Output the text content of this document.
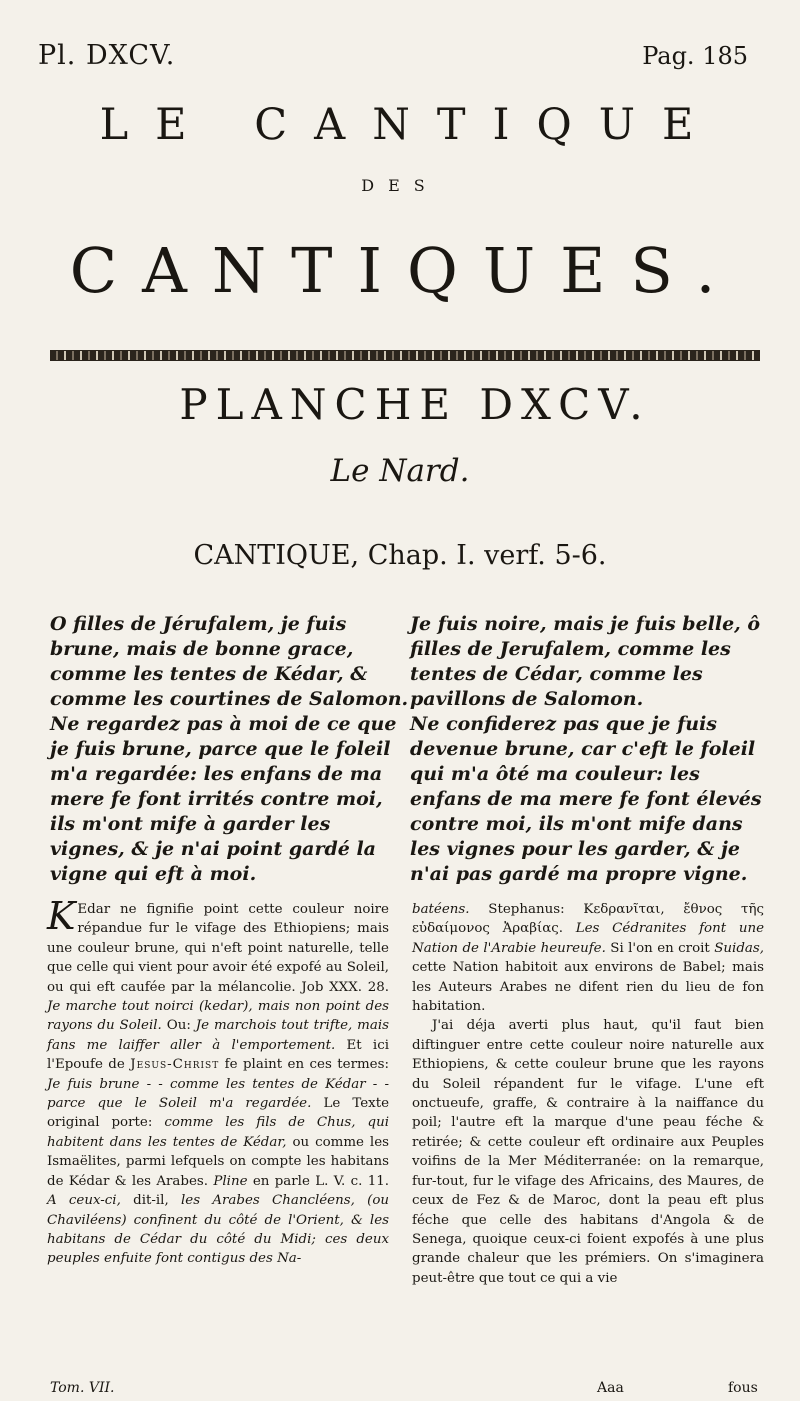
Pl. DXCV.	Pag. 185
LE CANTIQUE
DES
CANTIQUES.
PLANCHE DXCV.
Le Nard.
CANTIQUE, Chap. I. verf. 5-6.

O filles de Jérufalem, je fuis brune, mais de bonne grace, comme les tentes de Kédar, & comme les courtines de Salomon.

Ne regardez pas à moi de ce que je fuis brune, parce que le foleil m'a regardée: les enfans de ma mere fe font irrités contre moi, ils m'ont mife à garder les vignes, & je n'ai point gardé la vigne qui eft à moi.

Je fuis noire, mais je fuis belle, ô filles de Jerufalem, comme les tentes de Cédar, comme les pavillons de Salomon.

Ne confiderez pas que je fuis devenue brune, car c'eft le foleil qui m'a ôté ma couleur: les enfans de ma mere fe font élevés contre moi, ils m'ont mife dans les vignes pour les garder, & je n'ai pas gardé ma propre vigne.

K Edar ne fignifie point cette couleur noire répandue fur le vifage des Ethiopiens; mais une couleur brune, qui n'eft point naturelle, telle que celle qui vient pour avoir été expofé au Soleil, ou qui eft caufée par la mélancolie. Job XXX. 28. Je marche tout noirci (kedar), mais non point des rayons du Soleil. Ou: Je marchois tout trifte, mais fans me laiffer aller à l'emportement. Et ici l'Epoufe de Jesus-Christ fe plaint en ces termes: Je fuis brune - - comme les tentes de Kédar - - parce que le Soleil m'a regardée. Le Texte original porte: comme les fils de Chus, qui habitent dans les tentes de Kédar, ou comme les Ismaëlites, parmi lefquels on compte les habitans de Kédar & les Arabes. Pline en parle L. V. c. 11. A ceux-ci, dit-il, les Arabes Chancléens, (ou Chaviléens) confinent du côté de l'Orient, & les habitans de Cédar du côté du Midi; ces deux peuples enfuite font contigus des Na-

batéens. Stephanus: Κεδρανῖται, ἔθνος τῆς εὐδαίμονος Ἀραβίας. Les Cédranites font une Nation de l'Arabie heureufe. Si l'on en croit Suidas, cette Nation habitoit aux environs de Babel; mais les Auteurs Arabes ne difent rien du lieu de fon habitation.

J'ai déja averti plus haut, qu'il faut bien diftinguer entre cette couleur noire naturelle aux Ethiopiens, & cette couleur brune que les rayons du Soleil répandent fur le vifage. L'une eft onctueufe, graffe, & contraire à la naiffance du poil; l'autre eft la marque d'une peau féche & retirée; & cette couleur eft ordinaire aux Peuples voifins de la Mer Méditerranée: on la remarque, fur-tout, fur le vifage des Africains, des Maures, de ceux de Fez & de Maroc, dont la peau eft plus féche que celle des habitans d'Angola & de Senega, quoique ceux-ci foient expofés à une plus grande chaleur que les prémiers. On s'imaginera peut-être que tout ce qui a vie

Tom. VII.	Aaa	fous
